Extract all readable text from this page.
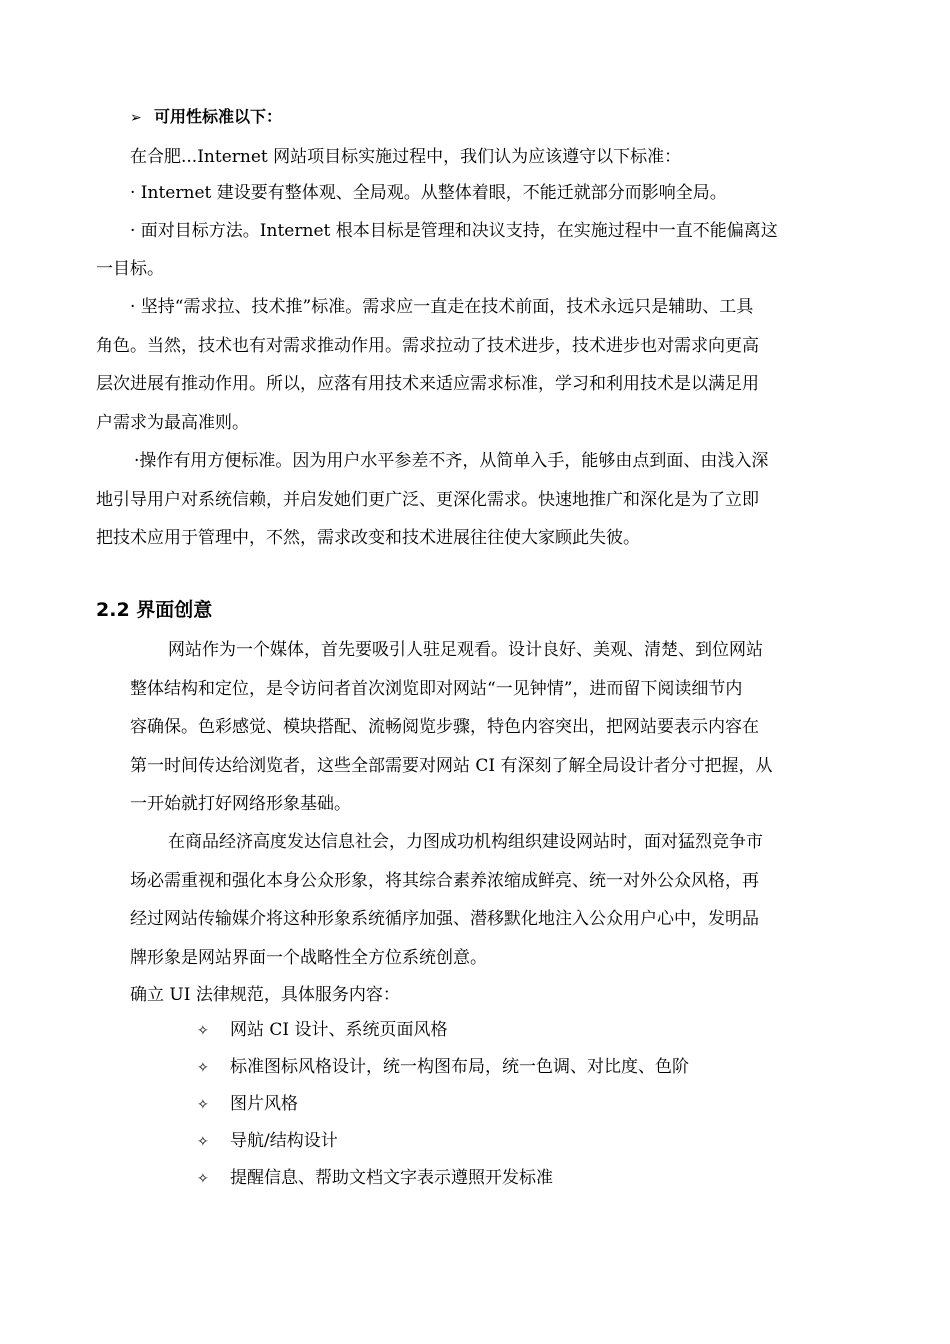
➢ 可用性标准以下：
在合肥...Internet 网站项目标实施过程中，我们认为应该遵守以下标准：
· Internet 建设要有整体观、全局观。从整体着眼，不能迁就部分而影响全局。
· 面对目标方法。Internet 根本目标是管理和决议支持，在实施过程中一直不能偏离这
一目标。
· 坚持“需求拉、技术推”标准。需求应一直走在技术前面，技术永远只是辅助、工具
角色。当然，技术也有对需求推动作用。需求拉动了技术进步，技术进步也对需求向更高
层次进展有推动作用。所以，应落有用技术来适应需求标准，学习和利用技术是以满足用
户需求为最高准则。
·操作有用方便标准。因为用户水平参差不齐，从简单入手，能够由点到面、由浅入深
地引导用户对系统信赖，并启发她们更广泛、更深化需求。快速地推广和深化是为了立即
把技术应用于管理中，不然，需求改变和技术进展往往使大家顾此失彼。
2.2 界面创意
网站作为一个媒体，首先要吸引人驻足观看。设计良好、美观、清楚、到位网站
整体结构和定位，是令访问者首次浏览即对网站“一见钟情”，进而留下阅读细节内
容确保。色彩感觉、模块搭配、流畅阅览步骤，特色内容突出，把网站要表示内容在
第一时间传达给浏览者，这些全部需要对网站 CI 有深刻了解全局设计者分寸把握，从
一开始就打好网络形象基础。
在商品经济高度发达信息社会，力图成功机构组织建设网站时，面对猛烈竞争市
场必需重视和强化本身公众形象，将其综合素养浓缩成鲜亮、统一对外公众风格，再
经过网站传输媒介将这种形象系统循序加强、潜移默化地注入公众用户心中，发明品
牌形象是网站界面一个战略性全方位系统创意。
确立 UI 法律规范，具体服务内容：
✧ 网站 CI 设计、系统页面风格
✧ 标准图标风格设计，统一构图布局，统一色调、对比度、色阶
✧ 图片风格
✧ 导航/结构设计
✧ 提醒信息、帮助文档文字表示遵照开发标准
